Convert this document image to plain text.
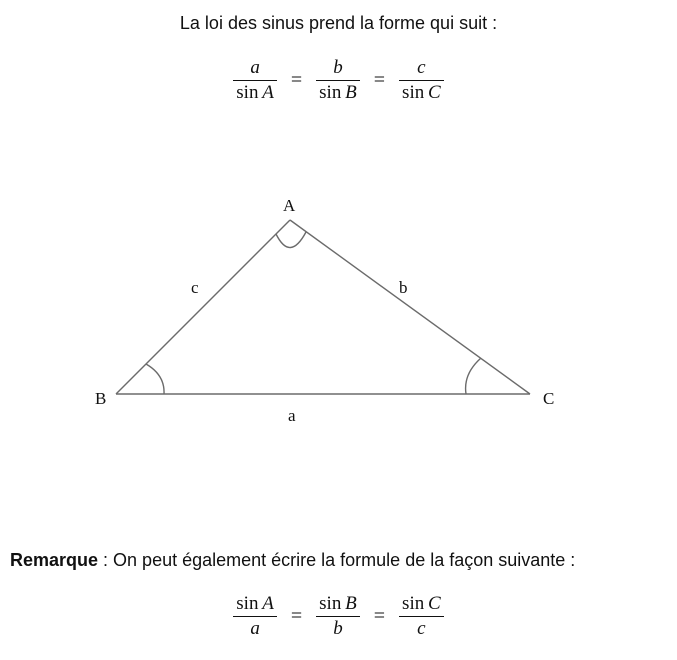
La loi des sinus prend la forme qui suit :
$\frac{a}{\text{sin  A}} = \frac{b}{\text{sin  B}} = \frac{c}{\text{sin  C}}$
A
B	C
c	b
a
Remarque : On peut également écrire la formule de la façon suivante :
$\frac{\text{sin  A}}{a} = \frac{\text{sin  B}}{b} = \frac{\text{sin  C}}{c}$
